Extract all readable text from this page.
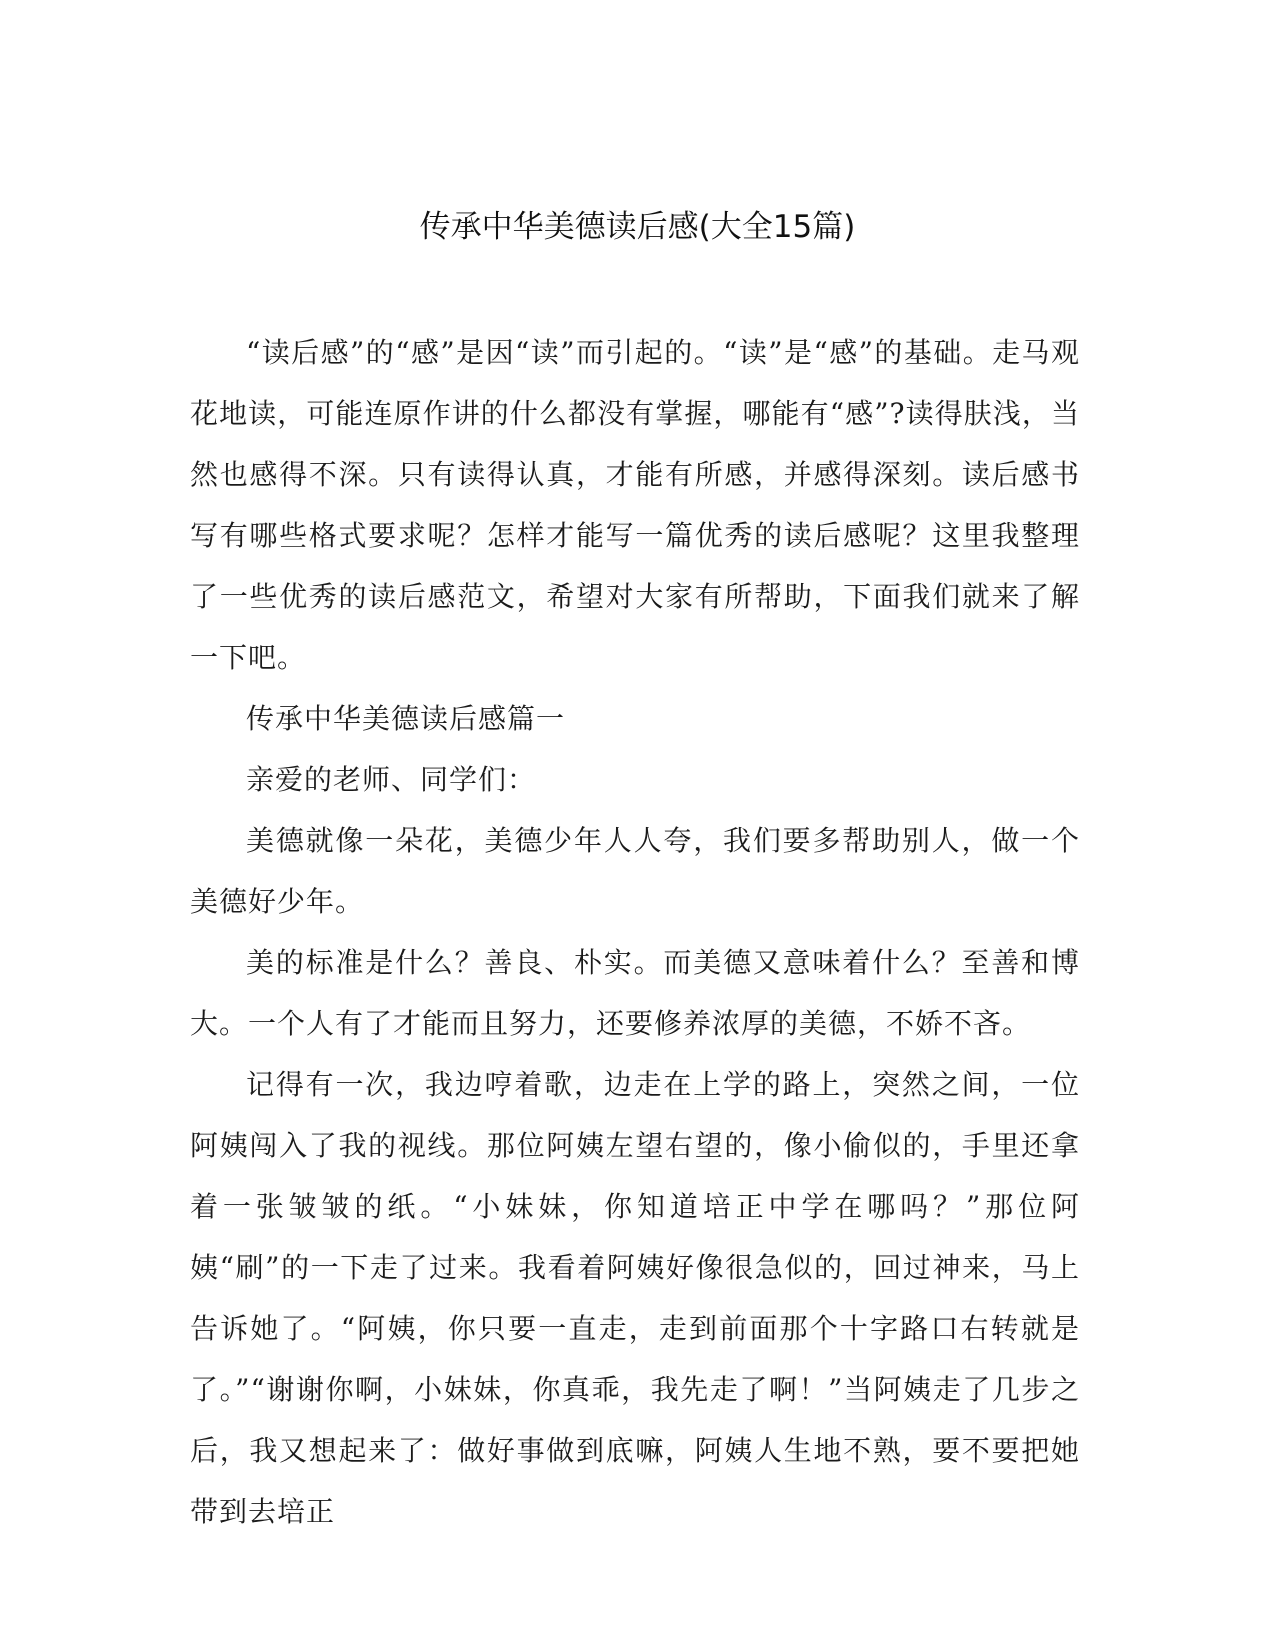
传承中华美德读后感(大全15篇)

“读后感”的“感”是因“读”而引起的。“读”是“感”的基础。走马观花地读，可能连原作讲的什么都没有掌握，哪能有“感”?读得肤浅，当然也感得不深。只有读得认真，才能有所感，并感得深刻。读后感书写有哪些格式要求呢？怎样才能写一篇优秀的读后感呢？这里我整理了一些优秀的读后感范文，希望对大家有所帮助，下面我们就来了解一下吧。

传承中华美德读后感篇一

亲爱的老师、同学们：

美德就像一朵花，美德少年人人夸，我们要多帮助别人，做一个美德好少年。

美的标准是什么？善良、朴实。而美德又意味着什么？至善和博大。一个人有了才能而且努力，还要修养浓厚的美德，不娇不吝。

记得有一次，我边哼着歌，边走在上学的路上，突然之间，一位阿姨闯入了我的视线。那位阿姨左望右望的，像小偷似的，手里还拿着一张皱皱的纸。“小妹妹，你知道培正中学在哪吗？”那位阿姨“刷”的一下走了过来。我看着阿姨好像很急似的，回过神来，马上告诉她了。“阿姨，你只要一直走，走到前面那个十字路口右转就是了。”“谢谢你啊，小妹妹，你真乖，我先走了啊！”当阿姨走了几步之后，我又想起来了：做好事做到底嘛，阿姨人生地不熟，要不要把她带到去培正
